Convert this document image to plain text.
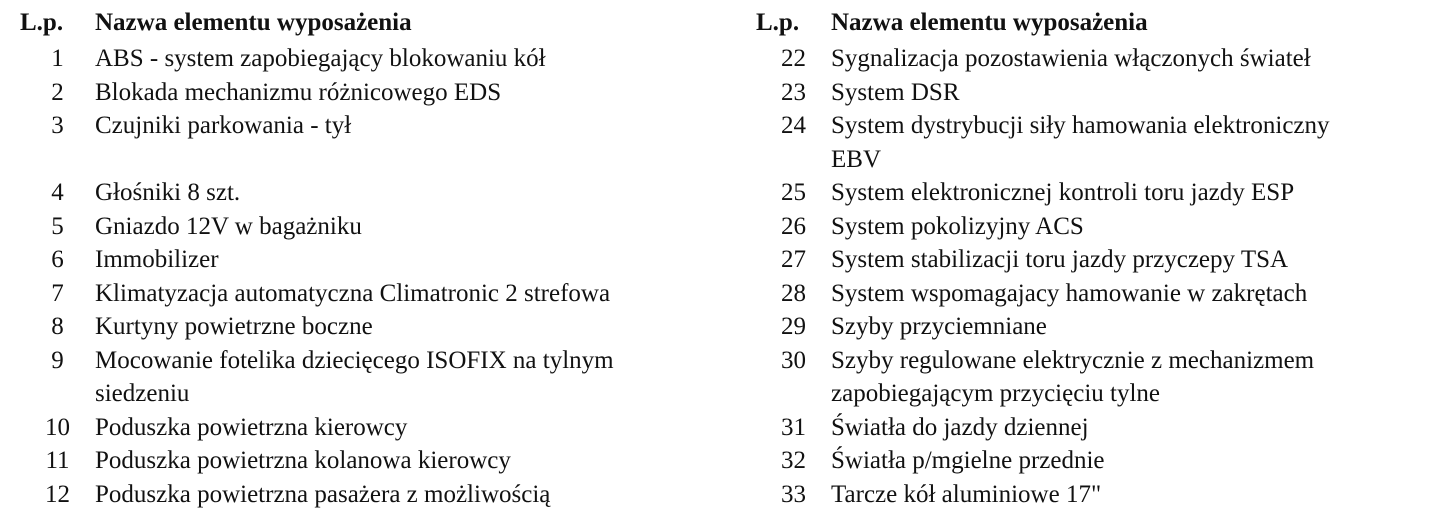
L.p.	Nazwa elementu wyposażenia
1	ABS - system zapobiegający blokowaniu kół
2	Blokada mechanizmu różnicowego EDS
3	Czujniki parkowania - tył
4	Głośniki 8 szt.
5	Gniazdo 12V w bagażniku
6	Immobilizer
7	Klimatyzacja automatyczna Climatronic 2 strefowa
8	Kurtyny powietrzne boczne
9	Mocowanie fotelika dziecięcego ISOFIX na tylnym
siedzeniu
10	Poduszka powietrzna kierowcy
11	Poduszka powietrzna kolanowa kierowcy
12	Poduszka powietrzna pasażera z możliwością
L.p.	Nazwa elementu wyposażenia
22	Sygnalizacja pozostawienia włączonych świateł
23	System DSR
24	System dystrybucji siły hamowania elektroniczny
EBV
25	System elektronicznej kontroli toru jazdy ESP
26	System pokolizyjny ACS
27	System stabilizacji toru jazdy przyczepy TSA
28	System wspomagajacy hamowanie w zakrętach
29	Szyby przyciemniane
30	Szyby regulowane elektrycznie z mechanizmem
zapobiegającym przycięciu tylne
31	Światła do jazdy dziennej
32	Światła p/mgielne przednie
33	Tarcze kół aluminiowe 17"
